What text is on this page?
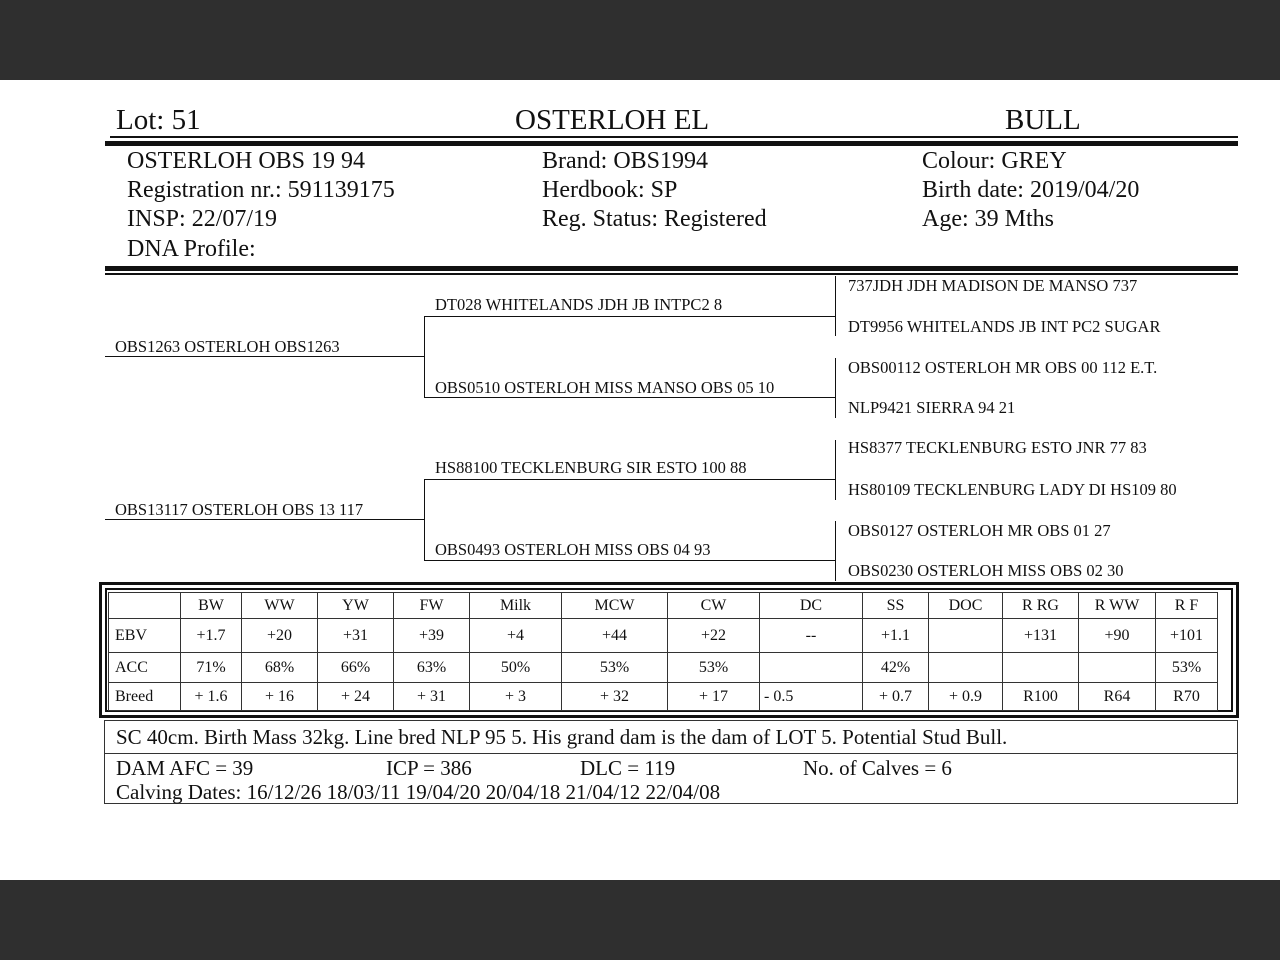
Lot: 51	OSTERLOH EL	BULL
OSTERLOH OBS 19 94
Registration nr.: 591139175
INSP: 22/07/19
DNA Profile:
Brand: OBS1994
Herdbook: SP
Reg. Status: Registered
Colour: GREY
Birth date: 2019/04/20
Age: 39 Mths
OBS1263 OSTERLOH OBS1263
OBS13117 OSTERLOH OBS 13 117
DT028 WHITELANDS JDH JB INTPC2 8
OBS0510 OSTERLOH MISS MANSO OBS 05 10
HS88100 TECKLENBURG SIR ESTO 100 88
OBS0493 OSTERLOH MISS OBS 04 93
737JDH JDH MADISON DE MANSO 737
DT9956 WHITELANDS JB INT PC2 SUGAR
OBS00112 OSTERLOH MR OBS 00 112 E.T.
NLP9421 SIERRA 94 21
HS8377 TECKLENBURG ESTO JNR 77 83
HS80109 TECKLENBURG LADY DI HS109 80
OBS0127 OSTERLOH MR OBS 01 27
OBS0230 OSTERLOH MISS OBS 02 30
	BW	WW	YW	FW	Milk	MCW	CW	DC	SS	DOC	R RG	R WW	R F
EBV	+1.7	+20	+31	+39	+4	+44	+22	--	+1.1		+131	+90	+101
ACC	71%	68%	66%	63%	50%	53%	53%		42%				53%
Breed	+ 1.6	+ 16	+ 24	+ 31	+ 3	+ 32	+ 17	- 0.5	+ 0.7	+ 0.9	R100	R64	R70
SC 40cm. Birth Mass 32kg. Line bred NLP 95 5. His grand dam is the dam of LOT 5. Potential Stud Bull.
DAM AFC = 39	ICP = 386	DLC = 119	No. of Calves = 6
Calving Dates: 16/12/26 18/03/11 19/04/20 20/04/18 21/04/12 22/04/08
